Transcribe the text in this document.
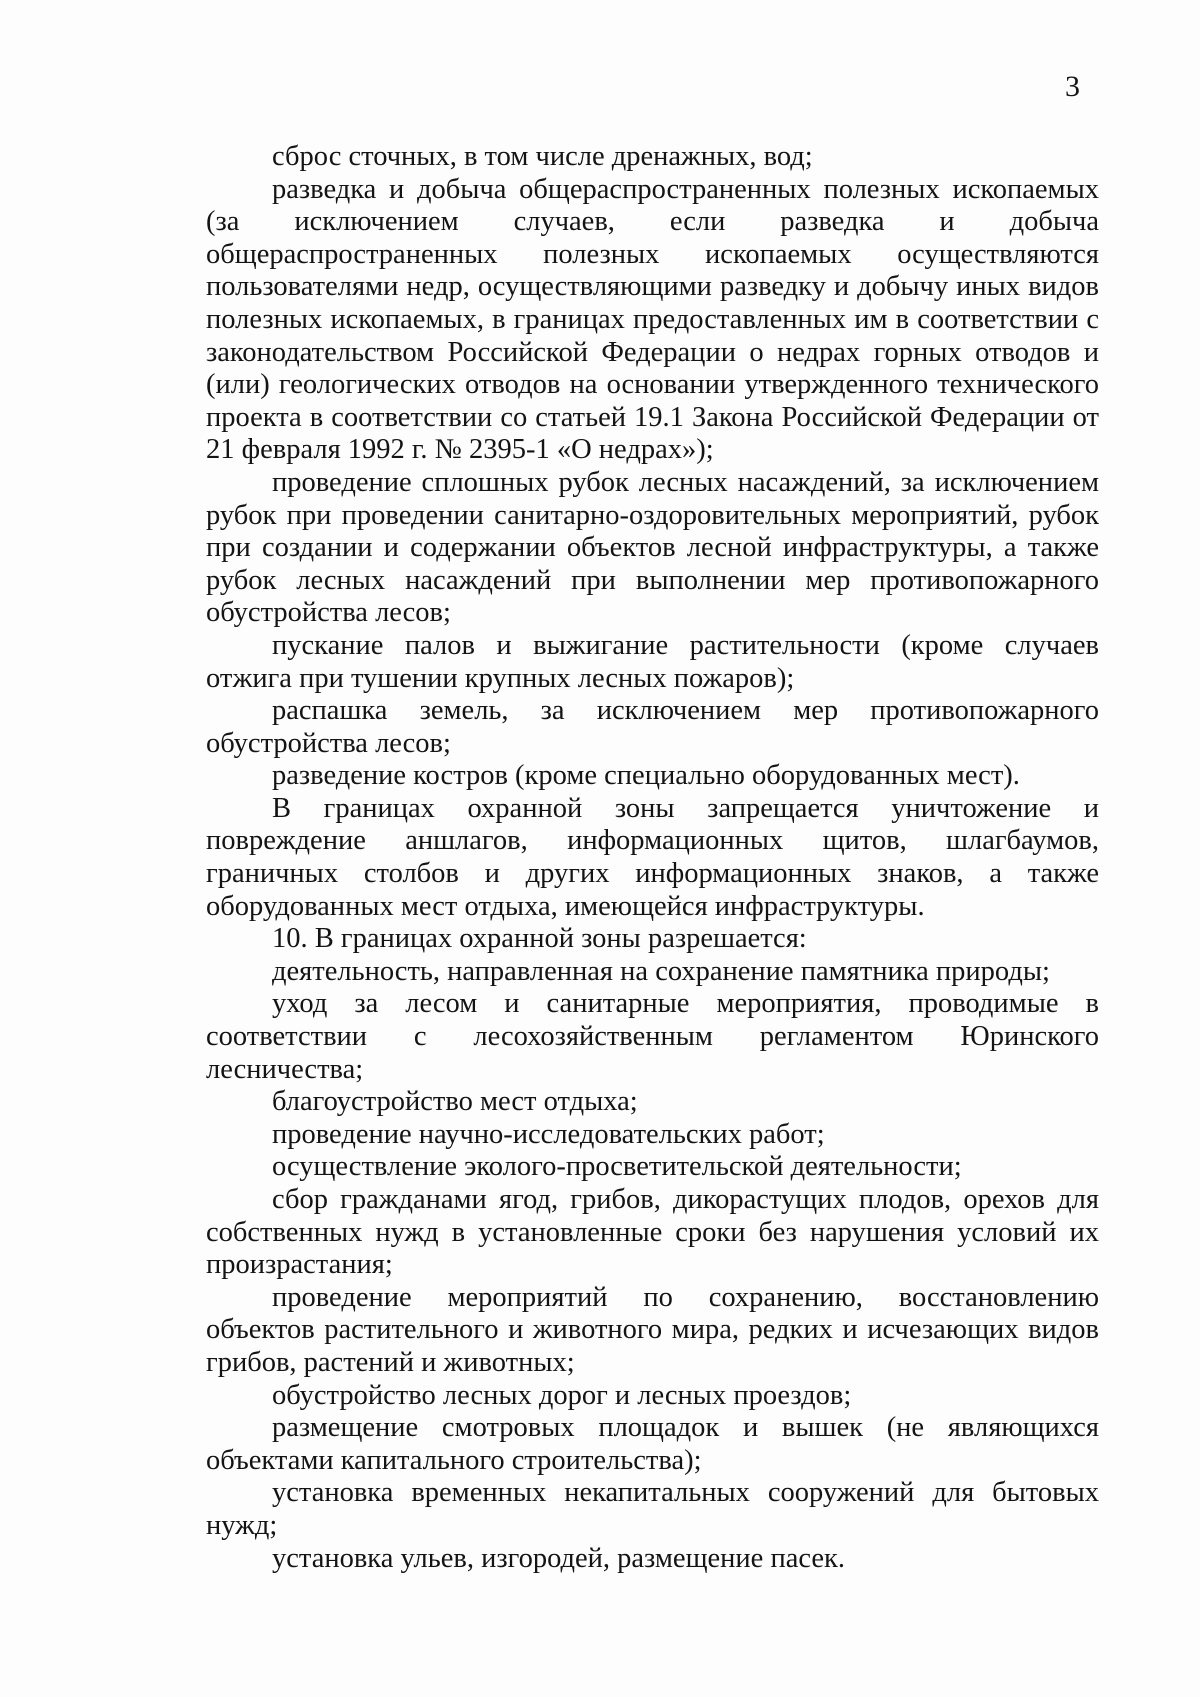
3

сброс сточных, в том числе дренажных, вод;

разведка и добыча общераспространенных полезных ископаемых (за исключением случаев, если разведка и добыча общераспространенных полезных ископаемых осуществляются пользователями недр, осуществляющими разведку и добычу иных видов полезных ископаемых, в границах предоставленных им в соответствии с законодательством Российской Федерации о недрах горных отводов и (или) геологических отводов на основании утвержденного технического проекта в соответствии со статьей 19.1 Закона Российской Федерации от 21 февраля 1992 г. № 2395-1 «О недрах»);

проведение сплошных рубок лесных насаждений, за исключением рубок при проведении санитарно-оздоровительных мероприятий, рубок при создании и содержании объектов лесной инфраструктуры, а также рубок лесных насаждений при выполнении мер противопожарного обустройства лесов;

пускание палов и выжигание растительности (кроме случаев отжига при тушении крупных лесных пожаров);

распашка земель, за исключением мер противопожарного обустройства лесов;

разведение костров (кроме специально оборудованных мест).

В границах охранной зоны запрещается уничтожение и повреждение аншлагов, информационных щитов, шлагбаумов, граничных столбов и других информационных знаков, а также оборудованных мест отдыха, имеющейся инфраструктуры.

10. В границах охранной зоны разрешается:

деятельность, направленная на сохранение памятника природы;

уход за лесом и санитарные мероприятия, проводимые в соответствии с лесохозяйственным регламентом Юринского лесничества;

благоустройство мест отдыха;

проведение научно-исследовательских работ;

осуществление эколого-просветительской деятельности;

сбор гражданами ягод, грибов, дикорастущих плодов, орехов для собственных нужд в установленные сроки без нарушения условий их произрастания;

проведение мероприятий по сохранению, восстановлению объектов растительного и животного мира, редких и исчезающих видов грибов, растений и животных;

обустройство лесных дорог и лесных проездов;

размещение смотровых площадок и вышек (не являющихся объектами капитального строительства);

установка временных некапитальных сооружений для бытовых нужд;

установка ульев, изгородей, размещение пасек.
